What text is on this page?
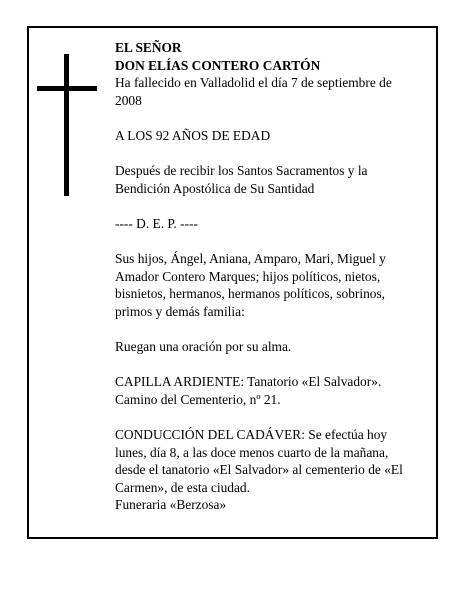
EL SEÑOR
DON ELÍAS CONTERO CARTÓN
Ha fallecido en Valladolid el día 7 de septiembre de 2008

A LOS 92 AÑOS DE EDAD

Después de recibir los Santos Sacramentos y la Bendición Apostólica de Su Santidad

---- D. E. P. ----

Sus hijos, Ángel, Aniana, Amparo, Mari, Miguel y Amador Contero Marques; hijos políticos, nietos, bisnietos, hermanos, hermanos políticos, sobrinos, primos y demás familia:

Ruegan una oración por su alma.

CAPILLA ARDIENTE: Tanatorio «El Salvador».
Camino del Cementerio, nº 21.

CONDUCCIÓN DEL CADÁVER: Se efectúa hoy lunes, día 8, a las doce menos cuarto de la mañana, desde el tanatorio «El Salvador» al cementerio de «El Carmen», de esta ciudad.
Funeraria «Berzosa»
